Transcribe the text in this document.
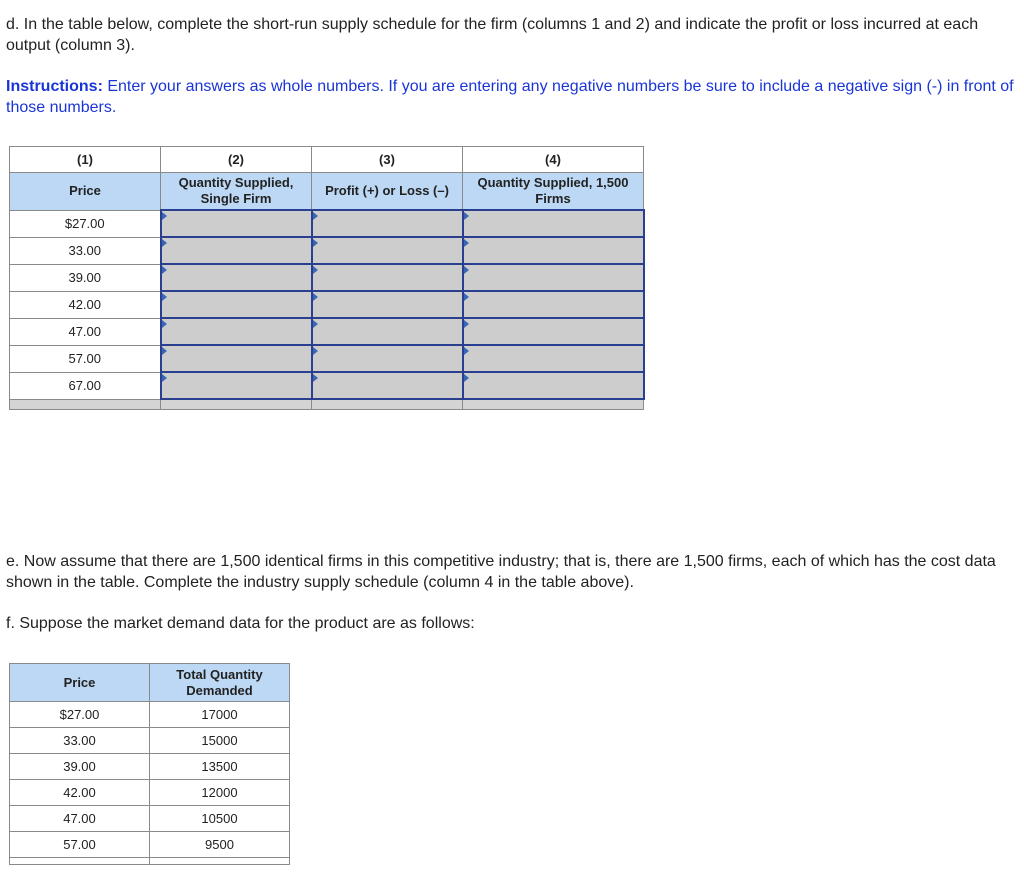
d. In the table below, complete the short-run supply schedule for the firm (columns 1 and 2) and indicate the profit or loss incurred at each output (column 3).

Instructions: Enter your answers as whole numbers. If you are entering any negative numbers be sure to include a negative sign (-) in front of those numbers.

(1)	(2)	(3)	(4)
Price	Quantity Supplied, Single Firm	Profit (+) or Loss (–)	Quantity Supplied, 1,500 Firms
$27.00	

33.00	

39.00	

42.00	

47.00	

57.00	

67.00	

e. Now assume that there are 1,500 identical firms in this competitive industry; that is, there are 1,500 firms, each of which has the cost data shown in the table. Complete the industry supply schedule (column 4 in the table above).

f. Suppose the market demand data for the product are as follows:

Price	Total Quantity Demanded
$27.00	17000
33.00	15000
39.00	13500
42.00	12000
47.00	10500
57.00	9500
